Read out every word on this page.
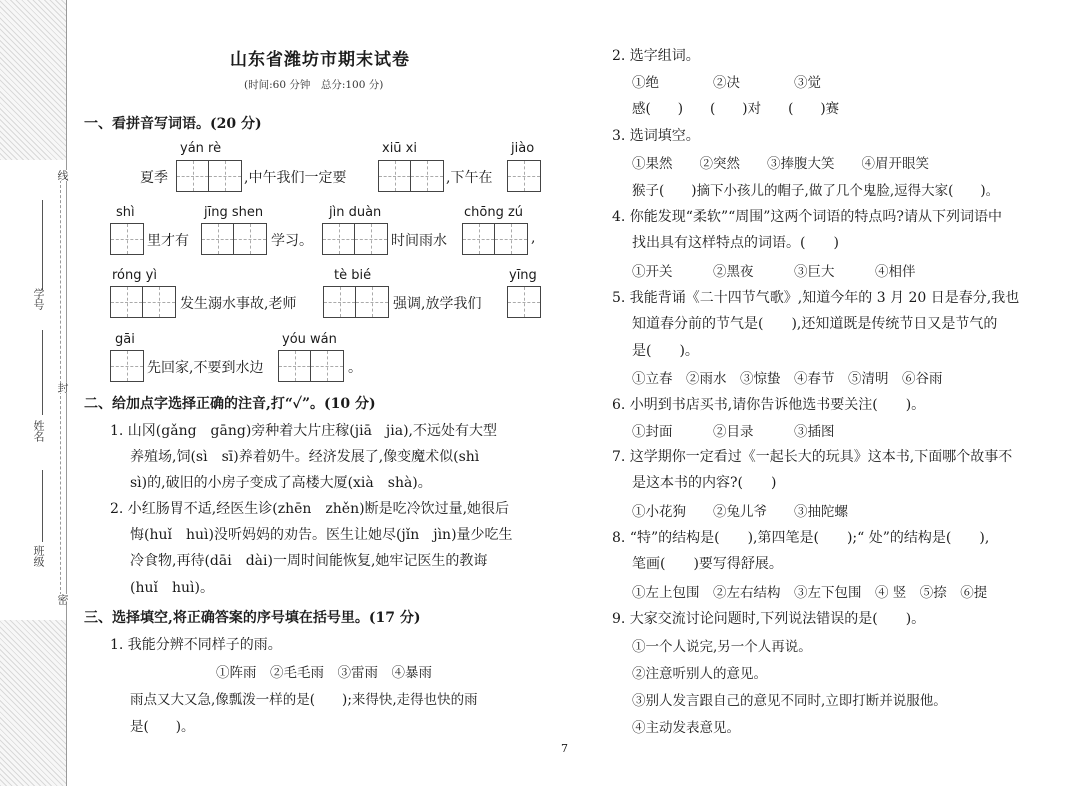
线
封
密
学号
姓名
班级
山东省潍坊市期末试卷
(时间:60 分钟　总分:100 分)
一、看拼音写词语。(20 分)
yán rè	xiū xi	jiào
夏季	,中午我们一定要	,下午在
shì	jīng shen	jìn duàn	chōng zú
里才有	学习。	时间雨水	,
róng yì	tè bié	yīng
发生溺水事故,老师	强调,放学我们
gāi	yóu wán
先回家,不要到水边	。
二、给加点字选择正确的注音,打“✓”。(10 分)
1. 山冈(gǎng　gāng)旁种着大片庄稼(jiā　jia),不远处有大型
养殖场,饲(sì　sī)养着奶牛。经济发展了,像变魔术似(shì
sì)的,破旧的小房子变成了高楼大厦(xià　shà)。
2. 小红肠胃不适,经医生诊(zhēn　zhěn)断是吃冷饮过量,她很后
悔(huǐ　huì)没听妈妈的劝告。医生让她尽(jǐn　jìn)量少吃生
冷食物,再待(dāi　dài)一周时间能恢复,她牢记医生的教诲
(huǐ　huì)。
三、选择填空,将正确答案的序号填在括号里。(17 分)
1. 我能分辨不同样子的雨。
①阵雨　②毛毛雨　③雷雨　④暴雨
雨点又大又急,像瓢泼一样的是(　　);来得快,走得也快的雨
是(　　)。
2. 选字组词。
①绝　　　　②决　　　　③觉
感(　　)　　(　　)对　　(　　)赛
3. 选词填空。
①果然　　②突然　　③捧腹大笑　　④眉开眼笑
猴子(　　)摘下小孩儿的帽子,做了几个鬼脸,逗得大家(　　)。
4. 你能发现“柔软”“周围”这两个词语的特点吗?请从下列词语中
找出具有这样特点的词语。(　　)
①开关　　　②黑夜　　　③巨大　　　④相伴
5. 我能背诵《二十四节气歌》,知道今年的 3 月 20 日是春分,我也
知道春分前的节气是(　　),还知道既是传统节日又是节气的
是(　　)。
①立春　②雨水　③惊蛰　④春节　⑤清明　⑥谷雨
6. 小明到书店买书,请你告诉他选书要关注(　　)。
①封面　　　②目录　　　③插图
7. 这学期你一定看过《一起长大的玩具》这本书,下面哪个故事不
是这本书的内容?(　　)
①小花狗　　②兔儿爷　　③抽陀螺
8. “特”的结构是(　　),第四笔是(　　);“ 处”的结构是(　　),
笔画(　　)要写得舒展。
①左上包围　②左右结构　③左下包围　④ 竖　⑤捺　⑥提
9. 大家交流讨论问题时,下列说法错误的是(　　)。
①一个人说完,另一个人再说。
②注意听别人的意见。
③别人发言跟自己的意见不同时,立即打断并说服他。
④主动发表意见。
7
